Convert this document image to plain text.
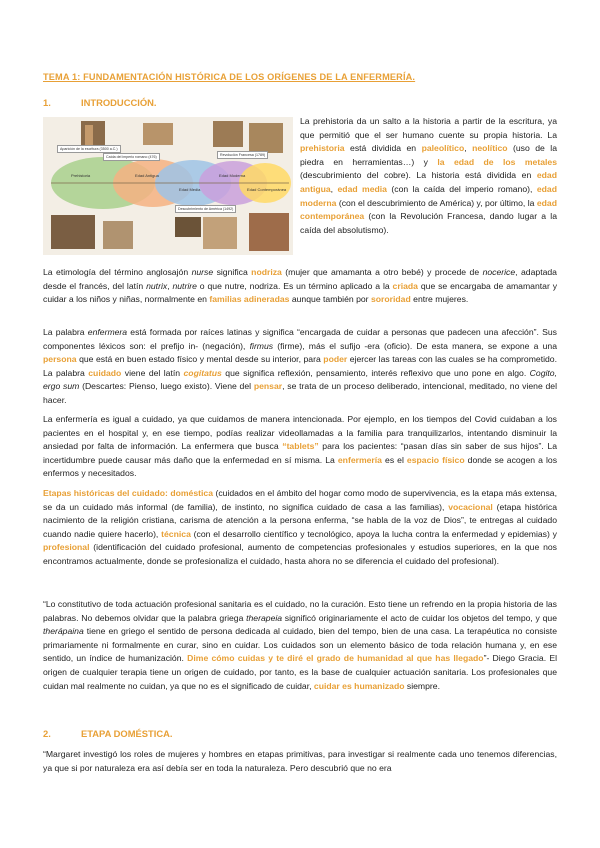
TEMA 1: FUNDAMENTACIÓN HISTÓRICA DE LOS ORÍGENES DE LA ENFERMERÍA.
1.	INTRODUCCIÓN.
Aparición de la escritura (3500 a.C.)
Caída del imperio romano (476)
Descubrimiento de América (1492)
Revolución Francesa (1789)
Prehistoria	Edad Antigua
Edad Media
Edad Moderna
Edad Contemporánea

La prehistoria da un salto a la historia a partir de la escritura, ya que permitió que el ser humano cuente su propia historia. La prehistoria está dividida en paleolítico, neolítico (uso de la piedra en herramientas…) y la edad de los metales (descubrimiento del cobre). La historia está dividida en edad antigua, edad media (con la caída del imperio romano), edad moderna (con el descubrimiento de América) y, por último, la edad contemporánea (con la Revolución Francesa, dando lugar a la caída del absolutismo).

La etimología del término anglosajón nurse significa nodriza (mujer que amamanta a otro bebé) y procede de nocerice, adaptada desde el francés, del latín nutrix, nutrire o que nutre, nodriza. Es un término aplicado a la criada que se encargaba de amamantar y cuidar a los niños y niñas, normalmente en familias adineradas aunque también por sororidad entre mujeres.

La palabra enfermera está formada por raíces latinas y significa “encargada de cuidar a personas que padecen una afección”. Sus componentes léxicos son: el prefijo in- (negación), firmus (firme), más el sufijo -era (oficio). De esta manera, se expone a una persona que está en buen estado físico y mental desde su interior, para poder ejercer las tareas con las cuales se ha comprometido. La palabra cuidado viene del latín cogitatus que significa reflexión, pensamiento, interés reflexivo que uno pone en algo. Cogito, ergo sum (Descartes: Pienso, luego existo). Viene del pensar, se trata de un proceso deliberado, intencional, meditado, no viene del hacer.

La enfermería es igual a cuidado, ya que cuidamos de manera intencionada. Por ejemplo, en los tiempos del Covid cuidaban a los pacientes en el hospital y, en ese tiempo, podías realizar videollamadas a la familia para tranquilizarlos, intentando disminuir la ansiedad por falta de información. La enfermera que busca “tablets” para los pacientes: “pasan días sin saber de sus hijos”. La incertidumbre puede causar más daño que la enfermedad en sí misma. La enfermería es el espacio físico donde se acogen a los enfermos y necesitados.

Etapas históricas del cuidado: doméstica (cuidados en el ámbito del hogar como modo de supervivencia, es la etapa más extensa, se da un cuidado más informal (de familia), de instinto, no significa cuidado de casa a las familias), vocacional (etapa histórica nacimiento de la religión cristiana, carisma de atención a la persona enferma, “se habla de la voz de Dios”, te entregas al cuidado cuando nadie quiere hacerlo), técnica (con el desarrollo científico y tecnológico, apoya la lucha contra la enfermedad y epidemias) y profesional (identificación del cuidado profesional, aumento de competencias profesionales y estudios superiores, en la que nos encontramos actualmente, donde se profesionaliza el cuidado, hasta ahora no se diferencia el cuidado del profesional).

“Lo constitutivo de toda actuación profesional sanitaria es el cuidado, no la curación. Esto tiene un refrendo en la propia historia de las palabras. No debemos olvidar que la palabra griega therapeia significó originariamente el acto de cuidar los objetos del tempo, y que therápaina tiene en griego el sentido de persona dedicada al cuidado, bien del tempo, bien de una casa. La terapéutica no consiste primariamente ni formalmente en curar, sino en cuidar. Los cuidados son un elemento básico de toda relación humana y, en ese sentido, un índice de humanización. Dime cómo cuidas y te diré el grado de humanidad al que has llegado”- Diego Gracia. El origen de cualquier terapia tiene un origen de cuidado, por tanto, es la base de cualquier actuación sanitaria. Los profesionales que cuidan mal realmente no cuidan, ya que no es el significado de cuidar, cuidar es humanizado siempre.

2.	ETAPA DOMÉSTICA.

“Margaret investigó los roles de mujeres y hombres en etapas primitivas, para investigar si realmente cada uno tenemos diferencias, ya que si por naturaleza era así debía ser en toda la naturaleza. Pero descubrió que no era
